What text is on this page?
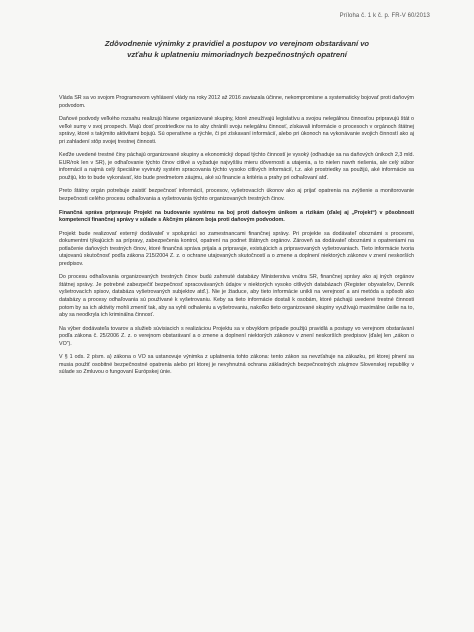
Príloha č. 1 k č. p. FR-V 60/2013
Zdôvodnenie výnimky z pravidiel a postupov vo verejnom obstarávaní vo
vzťahu k uplatneniu mimoriadnych bezpečnostných opatrení

Vláda SR sa vo svojom Programovom vyhlásení vlády na roky 2012 až 2016 zaviazala účinne, nekompromisne a systematicky bojovať proti daňovým podvodom.

Daňové podvody veľkého rozsahu realizujú hlavne organizované skupiny, ktoré zneužívajú legislatívu a svojou nelegálnou činnosťou pripravujú štát o veľké sumy v svoj prospech. Majú dosť prostriedkov na to aby chránili svoju nelegálnu činnosť, získavali informácie o procesoch v orgánoch štátnej správy, ktoré s takýmito aktivitami bojujú. Sú operatívne a rýchle, či pri získavaní informácií, alebo pri úkonoch na vykonávanie svojich činností ako aj pri zahladení stôp svojej trestnej činnosti.

Keďže uvedené trestné činy páchajú organizované skupiny a ekonomický dopad týchto činností je vysoký (odhaduje sa na daňových únikoch 2,3 mld. EUR/rok len v SR), je odhaľovanie týchto činov citlivé a vyžaduje najvyššiu mieru dôvernosti a utajenia, a to nielen navrh riešenia, ale celý súbor informácií a najmä celý špeciálne vyvinutý systém spracovania týchto vysoko citlivých informácií, t.z. aké prostriedky sa použijú, aké informácie sa použijú, kto to bude vykonávať, kto bude predmetom záujmu, aké sú financie a kritéria a prahy pri odhaľovaní atď.

Preto štátny orgán potrebuje zaistiť bezpečnosť informácií, procesov, vyšetrovacích úkonov ako aj prijať opatrenia na zvýšenie a monitorovanie bezpečnosti celého procesu odhaľovania a vyšetrovania týchto organizovaných trestných činov.

Finančná správa pripravuje Projekt na budovanie systému na boj proti daňovým únikom a rizikám (ďalej aj „Projekt“) v pôsobnosti kompetencií finančnej správy v súlade s Akčným plánom boja proti daňovým podvodom.

Projekt bude realizovať externý dodávateľ v spolupráci so zamestnancami finančnej správy. Pri projekte sa dodávateľ oboznámi s procesmi, dokumentmi týkajúcich sa prípravy, zabezpečenia kontrol, opatrení na podnet štátnych orgánov. Zároveň sa dodávateľ oboznámi s opatreniami na potlačenie daňových trestných činov, ktoré finančná správa prijala a pripravuje, existujúcich a pripravovaných vyšetrovaniach. Tieto informácie tvoria utajovanú skutočnosť podľa zákona 215/2004 Z. z. o ochrane utajovaných skutočností a o zmene a doplnení niektorých zákonov v znení neskorších predpisov.

Do procesu odhaľovania organizovaných trestných činov budú zahrnuté databázy Ministerstva vnútra SR, finančnej správy ako aj iných orgánov štátnej správy. Je potrebné zabezpečiť bezpečnosť spracovávaných údajov v niektorých vysoko citlivých databázach (Register obyvateľov, Denník vyšetrovacích spisov, databáza vyšetrovaných subjektov atď.). Nie je žiaduce, aby tieto informácie unikli na verejnosť a ani metóda a spôsob ako databázy a procesy odhaľovania sú používané k vyšetrovaniu. Keby sa tieto informácie dostali k osobám, ktoré páchajú uvedené trestné činnosti potom by sa ich aktivity mohli zmeniť tak, aby sa vyhli odhaleniu a vyšetrovaniu, nakoľko tieto organizované skupiny využívajú maximálne úsilie na to, aby sa neodkryla ich kriminálna činnosť.

Na výber dodávateľa tovarov a služieb súvisiacich s realizáciou Projektu sa v obvyklom prípade použijú pravidlá a postupy vo verejnom obstarávaní podľa zákona č. 25/2006 Z. z. o verejnom obstarávaní a o zmene a doplnení niektorých zákonov v znení neskorších predpisov (ďalej len „zákon o VO“).

V § 1 ods. 2 písm. a) zákona o VO sa ustanovuje výnimka z uplatnenia tohto zákona: tento zákon sa nevzťahuje na zákazku, pri ktorej plnení sa musia použiť osobitné bezpečnostné opatrenia alebo pri ktorej je nevyhnutná ochrana základných bezpečnostných záujmov Slovenskej republiky v súlade so Zmluvou o fungovaní Európskej únie.
